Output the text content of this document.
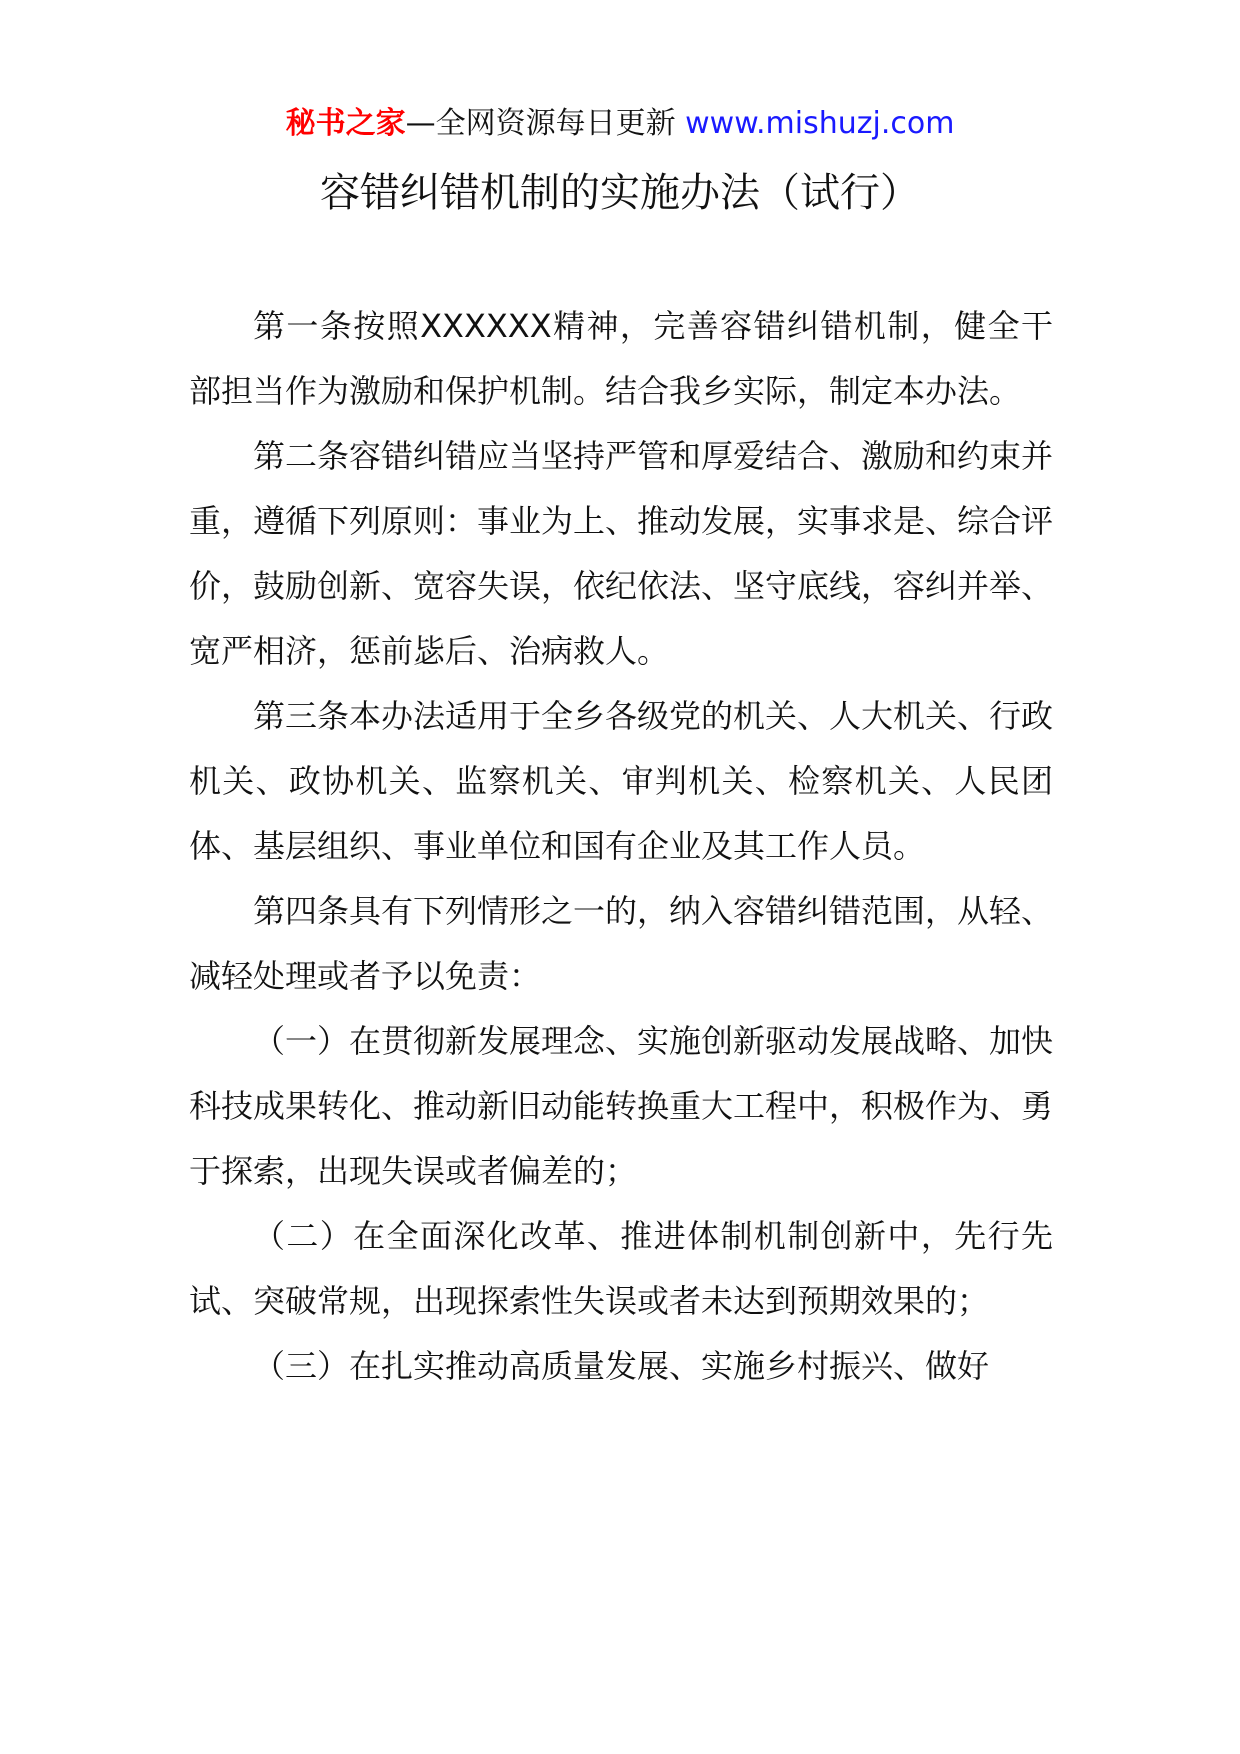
秘书之家—全网资源每日更新 www.mishuzj.com
容错纠错机制的实施办法（试行）

第一条按照XXXXXX精神，完善容错纠错机制，健全干部担当作为激励和保护机制。结合我乡实际，制定本办法。

第二条容错纠错应当坚持严管和厚爱结合、激励和约束并重，遵循下列原则：事业为上、推动发展，实事求是、综合评价，鼓励创新、宽容失误，依纪依法、坚守底线，容纠并举、宽严相济，惩前毖后、治病救人。

第三条本办法适用于全乡各级党的机关、人大机关、行政机关、政协机关、监察机关、审判机关、检察机关、人民团体、基层组织、事业单位和国有企业及其工作人员。

第四条具有下列情形之一的，纳入容错纠错范围，从轻、减轻处理或者予以免责：

（一）在贯彻新发展理念、实施创新驱动发展战略、加快科技成果转化、推动新旧动能转换重大工程中，积极作为、勇于探索，出现失误或者偏差的；

（二）在全面深化改革、推进体制机制创新中，先行先试、突破常规，出现探索性失误或者未达到预期效果的；

（三）在扎实推动高质量发展、实施乡村振兴、做好
